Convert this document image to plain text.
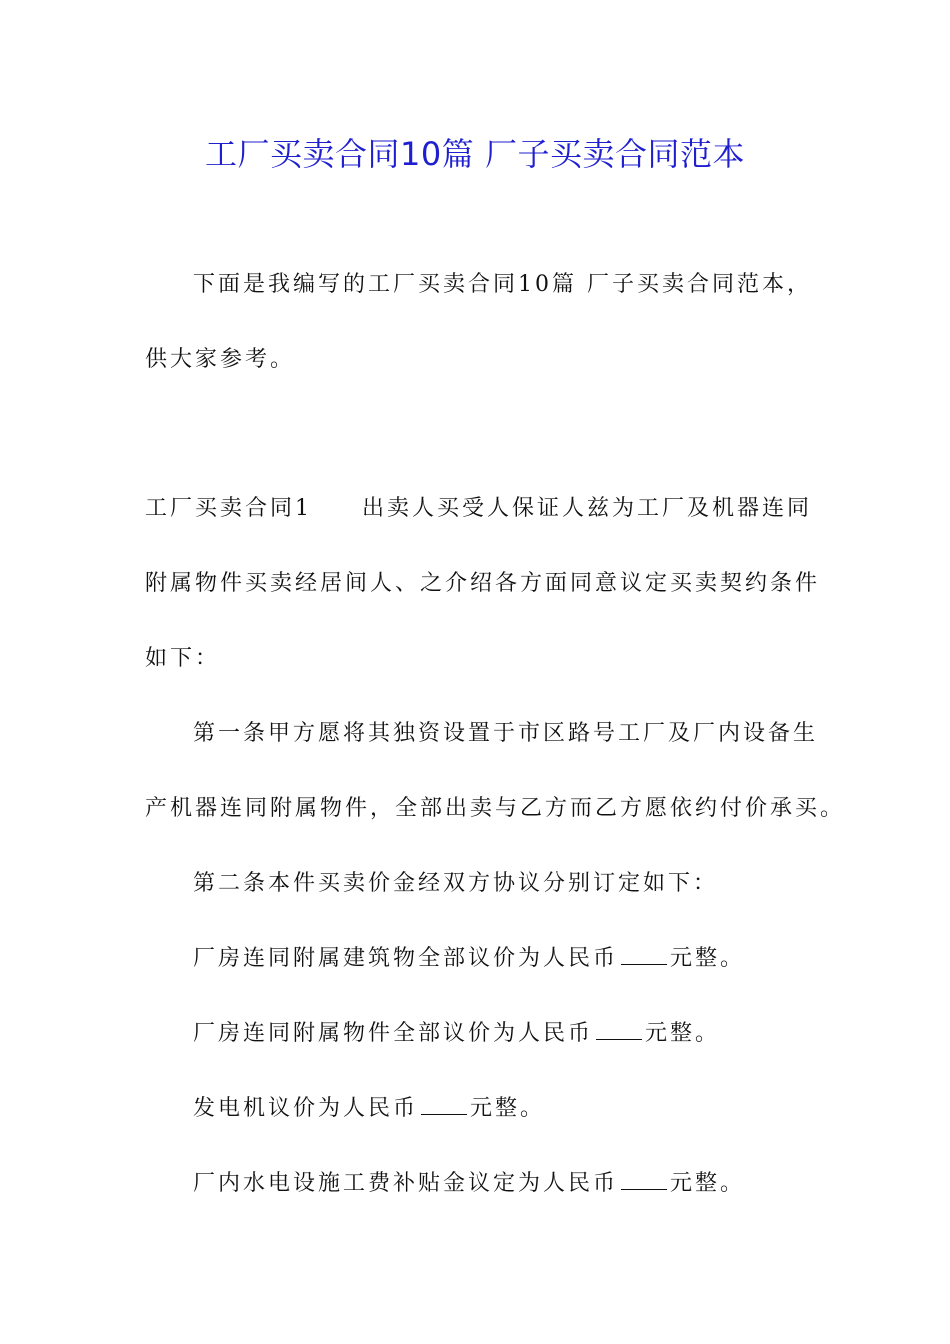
工厂买卖合同10篇 厂子买卖合同范本

下面是我编写的工厂买卖合同10篇 厂子买卖合同范本，

供大家参考。

工厂买卖合同1　　出卖人买受人保证人兹为工厂及机器连同

附属物件买卖经居间人、之介绍各方面同意议定买卖契约条件

如下：

第一条甲方愿将其独资设置于市区路号工厂及厂内设备生

产机器连同附属物件，全部出卖与乙方而乙方愿依约付价承买。

第二条本件买卖价金经双方协议分别订定如下：

厂房连同附属建筑物全部议价为人民币 元整。

厂房连同附属物件全部议价为人民币 元整。

发电机议价为人民币 元整。

厂内水电设施工费补贴金议定为人民币 元整。
